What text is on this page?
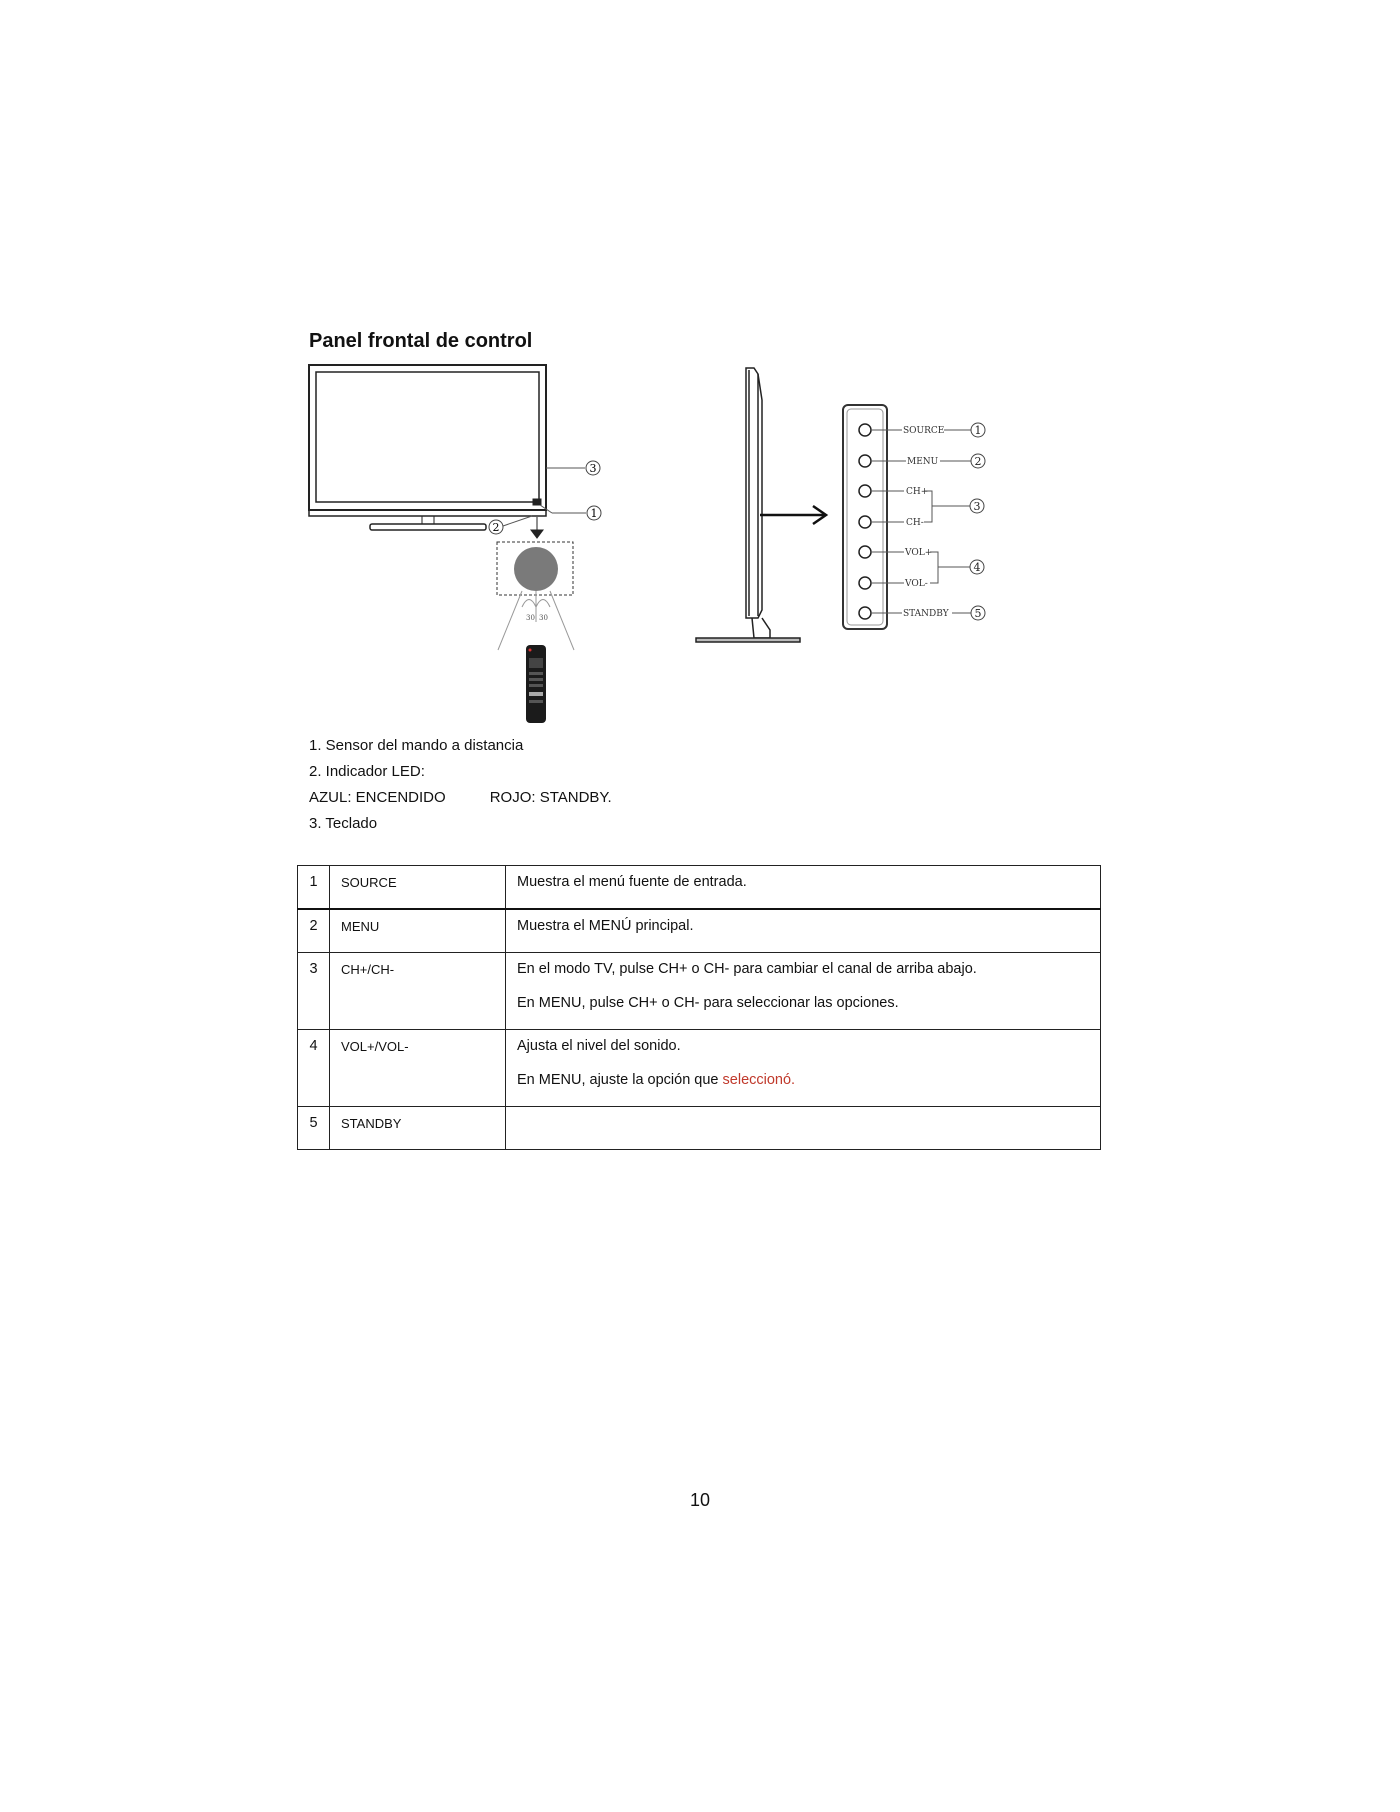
Panel frontal de control
3
1
2
30 30
SOURCE
MENU
CH+
CH-
VOL+
VOL-
STANDBY
1
2
3
4
5
1. Sensor del mando a distancia
2. Indicador LED:
AZUL: ENCENDIDO	ROJO: STANDBY.
3. Teclado
1	SOURCE	Muestra el menú fuente de entrada.

2	MENU	Muestra el MENÚ principal.

3	CH+/CH-	En el modo TV, pulse CH+ o CH- para cambiar el canal de arriba abajo.

En MENU, pulse CH+ o CH- para seleccionar las opciones.

4	VOL+/VOL-	Ajusta el nivel del sonido.

En MENU, ajuste la opción que seleccionó.

5	STANDBY	

10
